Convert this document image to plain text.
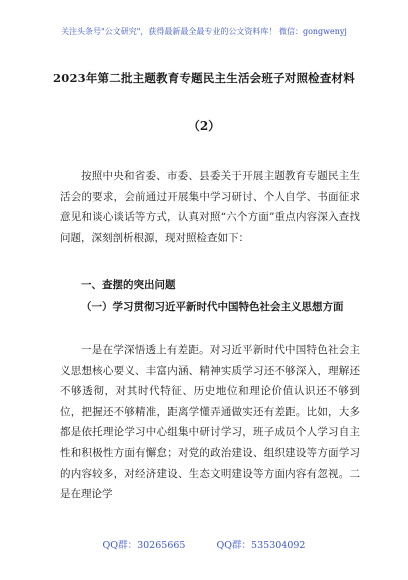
关注头条号"公文研究"，获得最新最全最专业的公文资料库！ 微信：gongwenyj
2023年第二批主题教育专题民主生活会班子对照检查材料
（2）

按照中央和省委、市委、县委关于开展主题教育专题民主生活会的要求，会前通过开展集中学习研讨、个人自学、书面征求意见和谈心谈话等方式，认真对照“六个方面”重点内容深入查找问题，深刻剖析根源，现对照检查如下：

一、查摆的突出问题

（一）学习贯彻习近平新时代中国特色社会主义思想方面

一是在学深悟透上有差距。对习近平新时代中国特色社会主义思想核心要义、丰富内涵、精神实质学习还不够深入，理解还不够透彻，对其时代特征、历史地位和理论价值认识还不够到位，把握还不够精准，距离学懂弄通做实还有差距。比如，大多都是依托理论学习中心组集中研讨学习，班子成员个人学习自主性和积极性方面有懈怠；对党的政治建设、组织建设等方面学习的内容较多，对经济建设、生态文明建设等方面内容有忽视。二是在理论学

QQ群：30265665	QQ群：535304092
